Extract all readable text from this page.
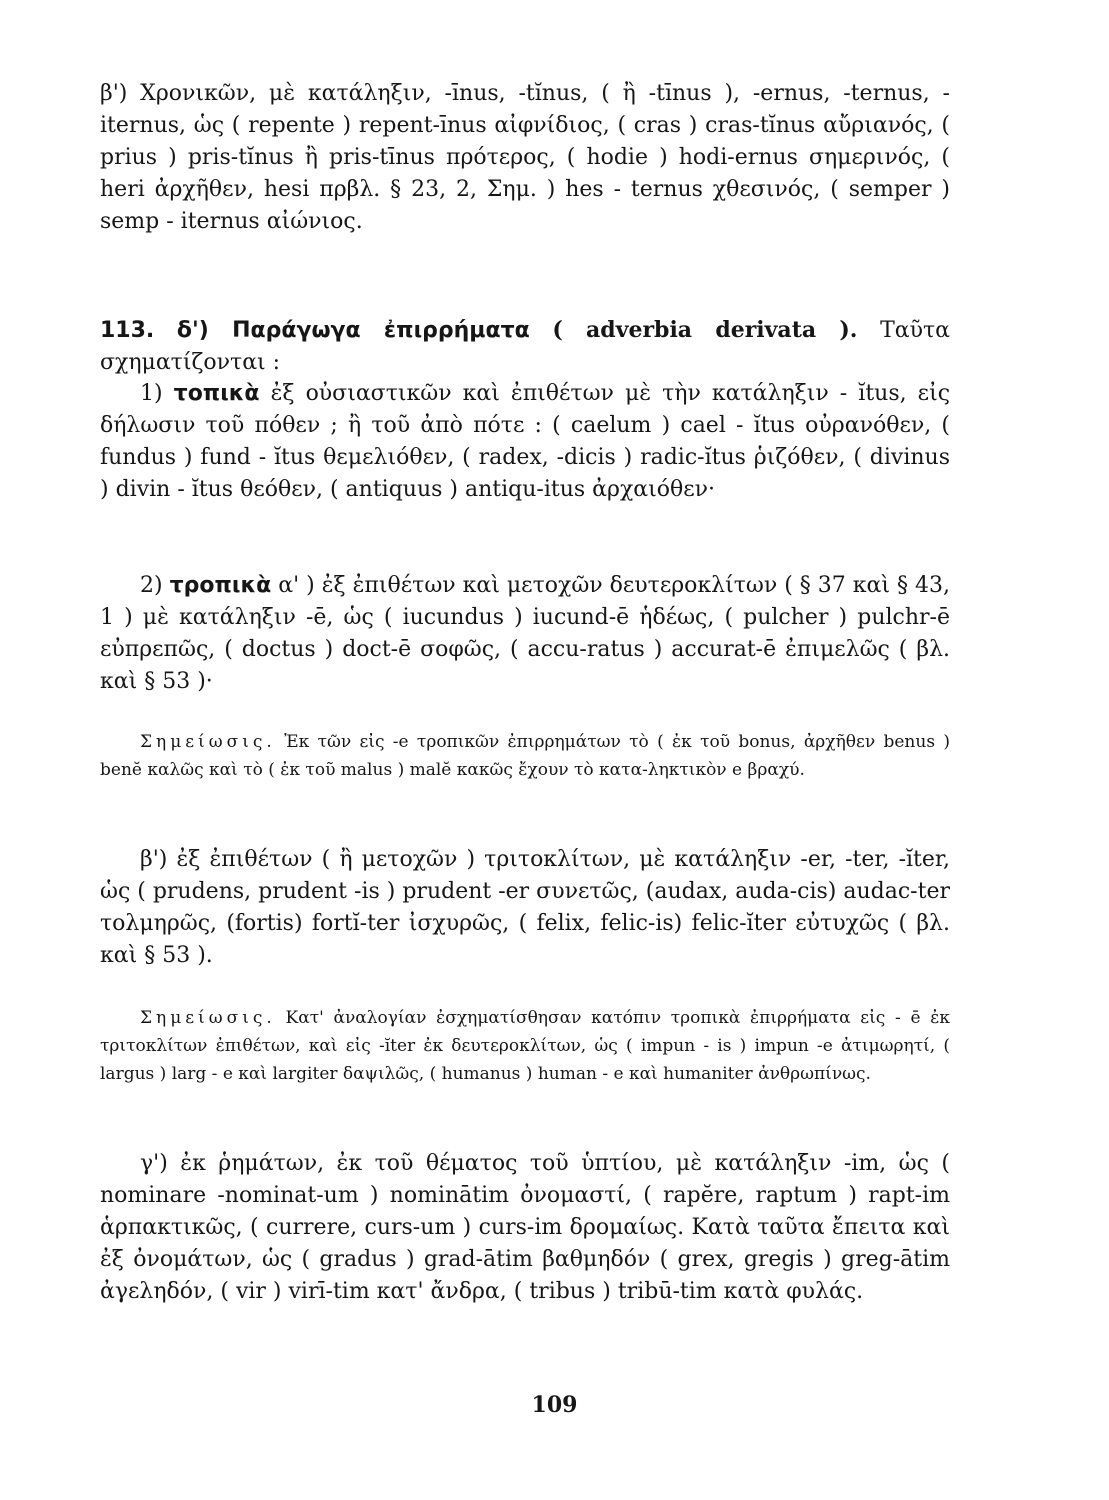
β') Χρονικῶν, μὲ κατάληξιν, -īnus, -tĭnus, ( ἢ -tīnus ), -ernus, -ternus, -iternus, ὡς ( repente ) repent-īnus αἰφνίδιος, ( cras ) cras-tĭnus αὔριανός, ( prius ) pris-tĭnus ἢ pris-tīnus πρότερος, ( hodie ) hodi-ernus σημερινός, ( heri ἀρχῆθεν, hesi πρβλ. § 23, 2, Σημ. ) hes - ternus χθεσινός, ( semper ) semp - iternus αἰώνιος.

113. δ') Παράγωγα ἐπιρρήματα ( adverbia derivata ). Ταῦτα σχηματίζονται :

1) τοπικὰ ἐξ οὐσιαστικῶν καὶ ἐπιθέτων μὲ τὴν κατάληξιν - ĭtus, εἰς δήλωσιν τοῦ πόθεν ; ἢ τοῦ ἀπὸ πότε : ( caelum ) cael - ĭtus οὐρανόθεν, ( fundus ) fund - ĭtus θεμελιόθεν, ( radex, -dicis ) radic-ĭtus ῥιζόθεν, ( divinus ) divin - ĭtus θεόθεν, ( antiquus ) antiqu-itus ἀρχαιόθεν·

2) τροπικὰ α' ) ἐξ ἐπιθέτων καὶ μετοχῶν δευτεροκλίτων ( § 37 καὶ § 43, 1 ) μὲ κατάληξιν -ē, ὡς ( iucundus ) iucund-ē ἡδέως, ( pulcher ) pulchr-ē εὐπρεπῶς, ( doctus ) doct-ē σοφῶς, ( accu-ratus ) accurat-ē ἐπιμελῶς ( βλ. καὶ § 53 )·

Σημείωσις. Ἐκ τῶν εἰς -e τροπικῶν ἐπιρρημάτων τὸ ( ἐκ τοῦ bonus, ἀρχῆθεν benus ) benĕ καλῶς καὶ τὸ ( ἐκ τοῦ malus ) malĕ κακῶς ἔχουν τὸ κατα-ληκτικὸν e βραχύ.

β') ἐξ ἐπιθέτων ( ἢ μετοχῶν ) τριτοκλίτων, μὲ κατάληξιν -er, -ter, -ĭter, ὡς ( prudens, prudent -is ) prudent -er συνετῶς, (audax, auda-cis) audac-ter τολμηρῶς, (fortis) fortĭ-ter ἰσχυρῶς, ( felix, felic-is) felic-ĭter εὐτυχῶς ( βλ. καὶ § 53 ).

Σημείωσις. Κατ' ἀναλογίαν ἐσχηματίσθησαν κατόπιν τροπικὰ ἐπιρρήματα εἰς - ē ἐκ τριτοκλίτων ἐπιθέτων, καὶ εἰς -ĭter ἐκ δευτεροκλίτων, ὡς ( impun - is ) impun -e ἀτιμωρητί, ( largus ) larg - e καὶ largiter δαψιλῶς, ( humanus ) human - e καὶ humaniter ἀνθρωπίνως.

γ') ἐκ ῥημάτων, ἐκ τοῦ θέματος τοῦ ὑπτίου, μὲ κατάληξιν -im, ὡς ( nominare -nominat-um ) nominātim ὀνομαστί, ( rapĕre, raptum ) rapt-im ἁρπακτικῶς, ( currere, curs-um ) curs-im δρομαίως. Κατὰ ταῦτα ἔπειτα καὶ ἐξ ὀνομάτων, ὡς ( gradus ) grad-ātim βαθμηδόν ( grex, gregis ) greg-ātim ἀγεληδόν, ( vir ) virī-tim κατ' ἄνδρα, ( tribus ) tribū-tim κατὰ φυλάς.

109
